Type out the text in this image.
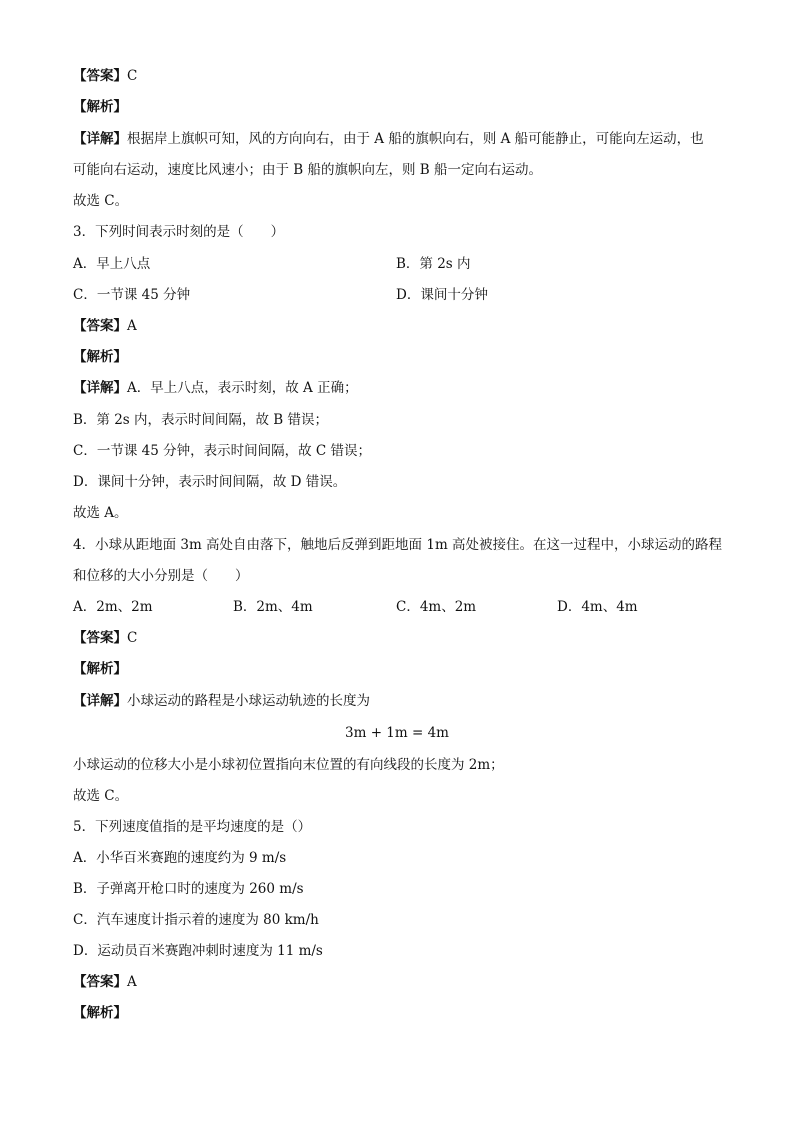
【答案】C
【解析】
【详解】根据岸上旗帜可知，风的方向向右，由于 A 船的旗帜向右，则 A 船可能静止，可能向左运动，也
可能向右运动，速度比风速小；由于 B 船的旗帜向左，则 B 船一定向右运动。
故选 C。
3．下列时间表示时刻的是（　　）
A．早上八点	B．第 2s 内
C．一节课 45 分钟	D．课间十分钟
【答案】A
【解析】
【详解】A．早上八点，表示时刻，故 A 正确；
B．第 2s 内，表示时间间隔，故 B 错误；
C．一节课 45 分钟，表示时间间隔，故 C 错误；
D．课间十分钟，表示时间间隔，故 D 错误。
故选 A。
4．小球从距地面 3m 高处自由落下，触地后反弹到距地面 1m 高处被接住。在这一过程中，小球运动的路程
和位移的大小分别是（　　）
A．2m、2m	B．2m、4m	C．4m、2m	D．4m、4m
【答案】C
【解析】
【详解】小球运动的路程是小球运动轨迹的长度为
3m + 1m = 4m
小球运动的位移大小是小球初位置指向末位置的有向线段的长度为 2m；
故选 C。
5．下列速度值指的是平均速度的是（）
A．小华百米赛跑的速度约为 9 m/s
B．子弹离开枪口时的速度为 260 m/s
C．汽车速度计指示着的速度为 80 km/h
D．运动员百米赛跑冲刺时速度为 11 m/s
【答案】A
【解析】
